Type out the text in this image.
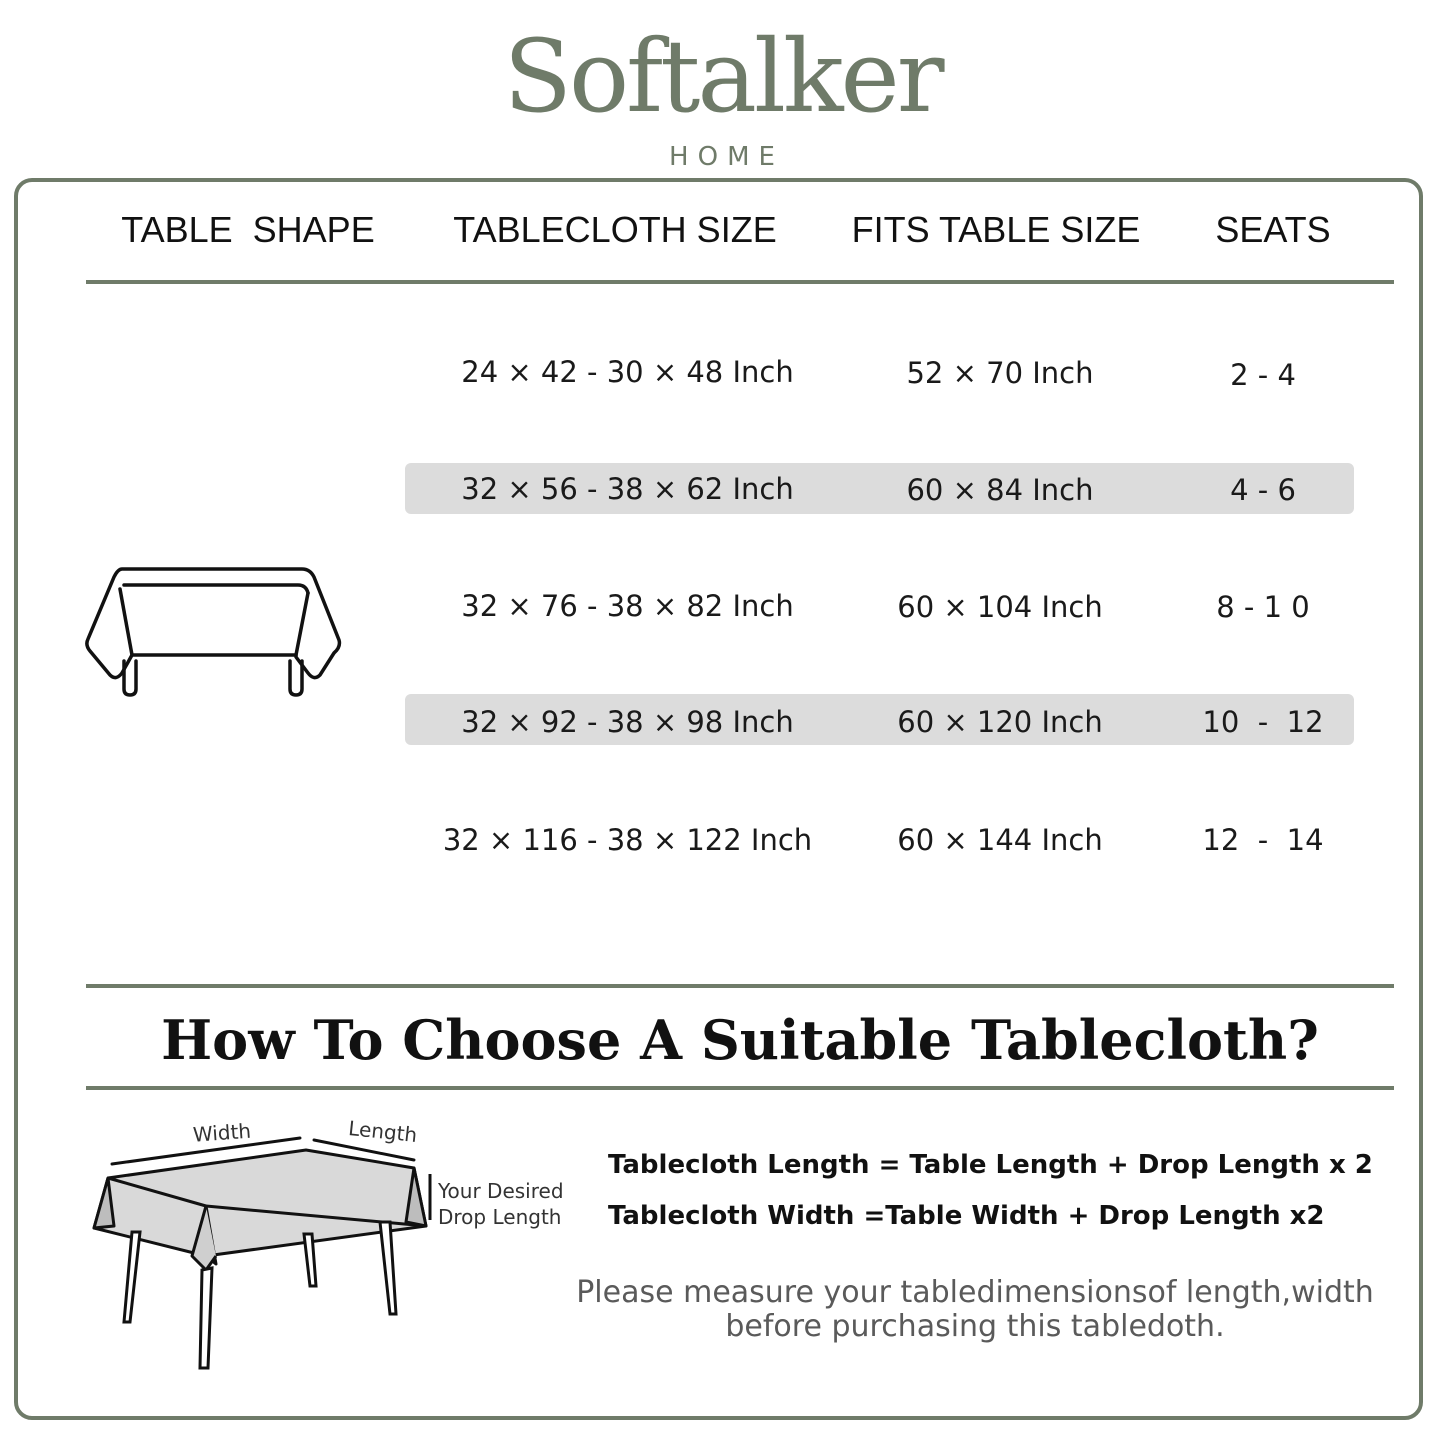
Softalker
HOME
TABLE  SHAPE	TABLECLOTH SIZE	FITS TABLE SIZE	SEATS
24 × 42 - 30 × 48 Inch	52 × 70 Inch	2 - 4
32 × 56 - 38 × 62 Inch	60 × 84 Inch	4 - 6
32 × 76 - 38 × 82 Inch	60 × 104 Inch	8 - 1 0
32 × 92 - 38 × 98 Inch	60 × 120 Inch	10  -  12
32 × 116 - 38 × 122 Inch	60 × 144 Inch	12  -  14
How To Choose A Suitable Tablecloth?
Width	Length
Your Desired
Drop Length
Tablecloth Length = Table Length + Drop Length x 2
Tablecloth Width =Table Width + Drop Length x2
Please measure your tabledimensionsof length,width
before purchasing this tabledoth.
